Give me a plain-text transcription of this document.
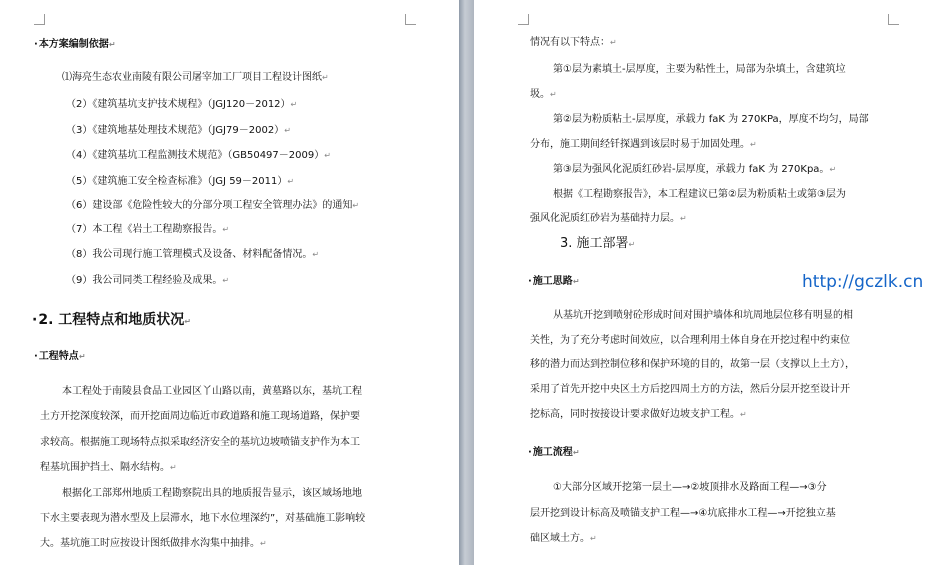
· 本方案编制依据↵
⑴海亮生态农业南陵有限公司屠宰加工厂项目工程设计图纸↵
（2）《建筑基坑支护技术规程》（JGJ120－2012）↵
（3）《建筑地基处理技术规范》（JGJ79－2002）↵
（4）《建筑基坑工程监测技术规范》（GB50497－2009）↵
（5）《建筑施工安全检查标准》（JGJ 59－2011）↵
（6）建设部《危险性较大的分部分项工程安全管理办法》的通知↵
（7）本工程《岩土工程勘察报告。↵
（8）我公司现行施工管理模式及设备、材料配备情况。↵
（9）我公司同类工程经验及成果。↵
· 2. 工程特点和地质状况↵
· 工程特点↵
本工程处于南陵县食品工业园区丫山路以南，黄墓路以东，基坑工程
土方开挖深度较深，而开挖面周边临近市政道路和施工现场道路，保护要
求较高。根据施工现场特点拟采取经济安全的基坑边坡喷锚支护作为本工
程基坑围护挡土、隔水结构。↵
根据化工部郑州地质工程勘察院出具的地质报告显示，该区域场地地
下水主要表现为潜水型及上层滞水，地下水位埋深约”，对基础施工影响较
大。基坑施工时应按设计图纸做排水沟集中抽排。↵
情况有以下特点：↵
第①层为素填土-层厚度，主要为粘性土，局部为杂填土，含建筑垃
圾。↵
第②层为粉质粘土-层厚度，承载力 faK 为 270KPa，厚度不均匀，局部
分布，施工期间经钎探遇到该层时易于加固处理。↵
第③层为强风化泥质红砂岩-层厚度，承载力 faK 为 270Kpa。↵
根据《工程勘察报告》，本工程建议已第②层为粉质粘土或第③层为
强风化泥质红砂岩为基础持力层。↵
3. 施工部署↵
http://gczlk.cn
· 施工思路↵
从基坑开挖到喷射砼形成时间对围护墙体和坑周地层位移有明显的相
关性，为了充分考虑时间效应，以合理利用土体自身在开挖过程中约束位
移的潜力而达到控制位移和保护环境的目的，故第一层（支撑以上土方），
采用了首先开挖中央区土方后挖四周土方的方法，然后分层开挖至设计开
挖标高，同时按接设计要求做好边坡支护工程。↵
· 施工流程↵
①大部分区域开挖第一层土—→②坡顶排水及路面工程—→③分
层开挖到设计标高及喷锚支护工程—→④坑底排水工程—→开挖独立基
础区域土方。↵
